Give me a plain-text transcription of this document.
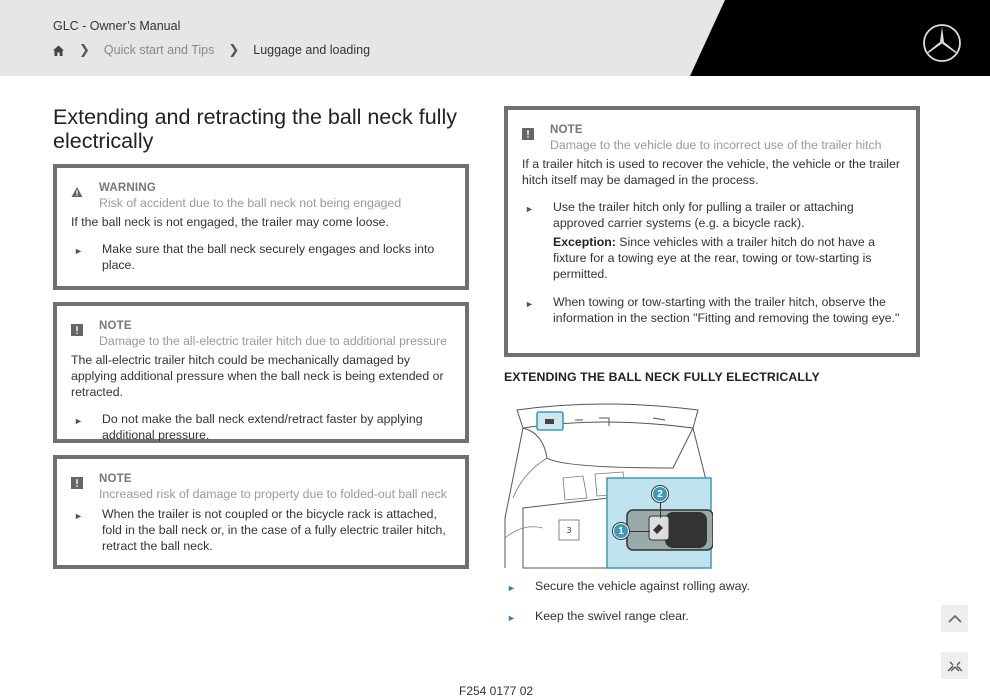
GLC - Owner’s Manual
❯ Quick start and Tips ❯ Luggage and loading
Extending and retracting the ball neck fully electrically
WARNING
Risk of accident due to the ball neck not being engaged

If the ball neck is not engaged, the trailer may come loose.

►	Make sure that the ball neck securely engages and locks into place.
NOTE
Damage to the all-electric trailer hitch due to additional pressure

The all-electric trailer hitch could be mechanically damaged by applying additional pressure when the ball neck is being extended or retracted.

►	Do not make the ball neck extend/retract faster by applying additional pressure.
NOTE
Increased risk of damage to property due to folded-out ball neck
►	When the trailer is not coupled or the bicycle rack is attached, fold in the ball neck or, in the case of a fully electric trailer hitch, retract the ball neck.
NOTE
Damage to the vehicle due to incorrect use of the trailer hitch

If a trailer hitch is used to recover the vehicle, the vehicle or the trailer hitch itself may be damaged in the process.

►	Use the trailer hitch only for pulling a trailer or attaching approved carrier systems (e.g. a bicycle rack).
Exception: Since vehicles with a trailer hitch do not have a fixture for a towing eye at the rear, towing or tow-starting is permitted.
►	When towing or tow-starting with the trailer hitch, observe the information in the section "Fitting and removing the towing eye."
EXTENDING THE BALL NECK FULLY ELECTRICALLY
3
2
1
►	Secure the vehicle against rolling away.
►	Keep the swivel range clear.
F254 0177 02
